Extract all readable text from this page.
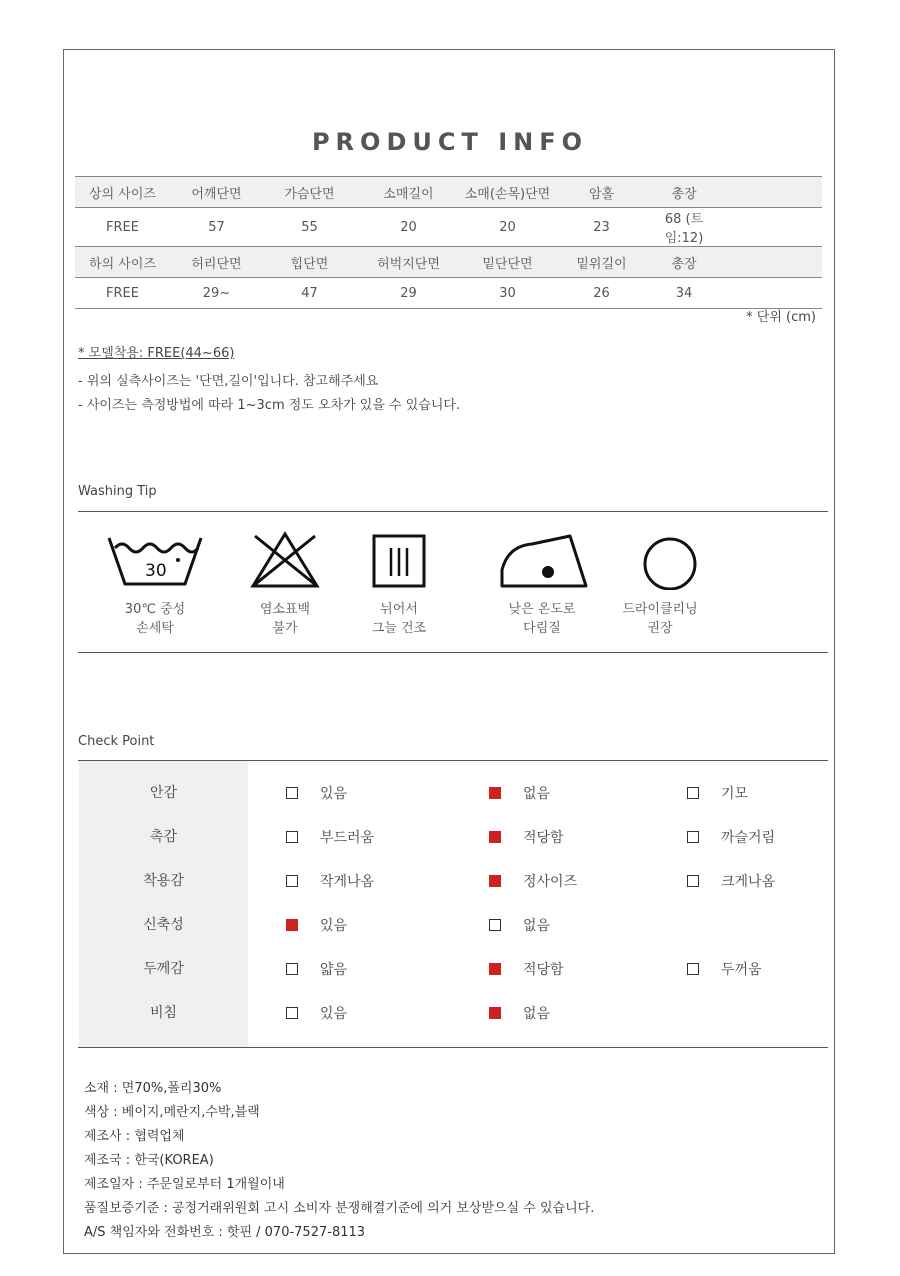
PRODUCT INFO
상의 사이즈	어깨단면	가슴단면	소매길이	소매(손목)단면	암홀	총장	
FREE	57	55	20	20	23	68 (트임:12)	
하의 사이즈	허리단면	힙단면	허벅지단면	밑단단면	밑위길이	총장	
FREE	29~	47	29	30	26	34	
* 단위 (cm)
* 모델착용: FREE(44~66)
- 위의 실측사이즈는 '단면,길이'입니다. 참고해주세요
- 사이즈는 측정방법에 따라 1~3cm 정도 오차가 있을 수 있습니다.
Washing Tip
30
30℃ 중성
손세탁
염소표백
불가
뉘어서
그늘 건조
낮은 온도로
다림질
드라이클리닝
권장
Check Point
안감	있음	없음	기모
촉감	부드러움	적당함	까슬거림
착용감	작게나옴	정사이즈	크게나옴
신축성	있음	없음
두께감	얇음	적당함	두꺼움
비침	있음	없음
소재 : 면70%,폴리30%
색상 : 베이지,메란지,수박,블랙
제조사 : 협력업체
제조국 : 한국(KOREA)
제조일자 : 주문일로부터 1개월이내
품질보증기준 : 공정거래위원회 고시 소비자 분쟁해결기준에 의거 보상받으실 수 있습니다.
A/S 책임자와 전화번호 : 핫핀 / 070-7527-8113
